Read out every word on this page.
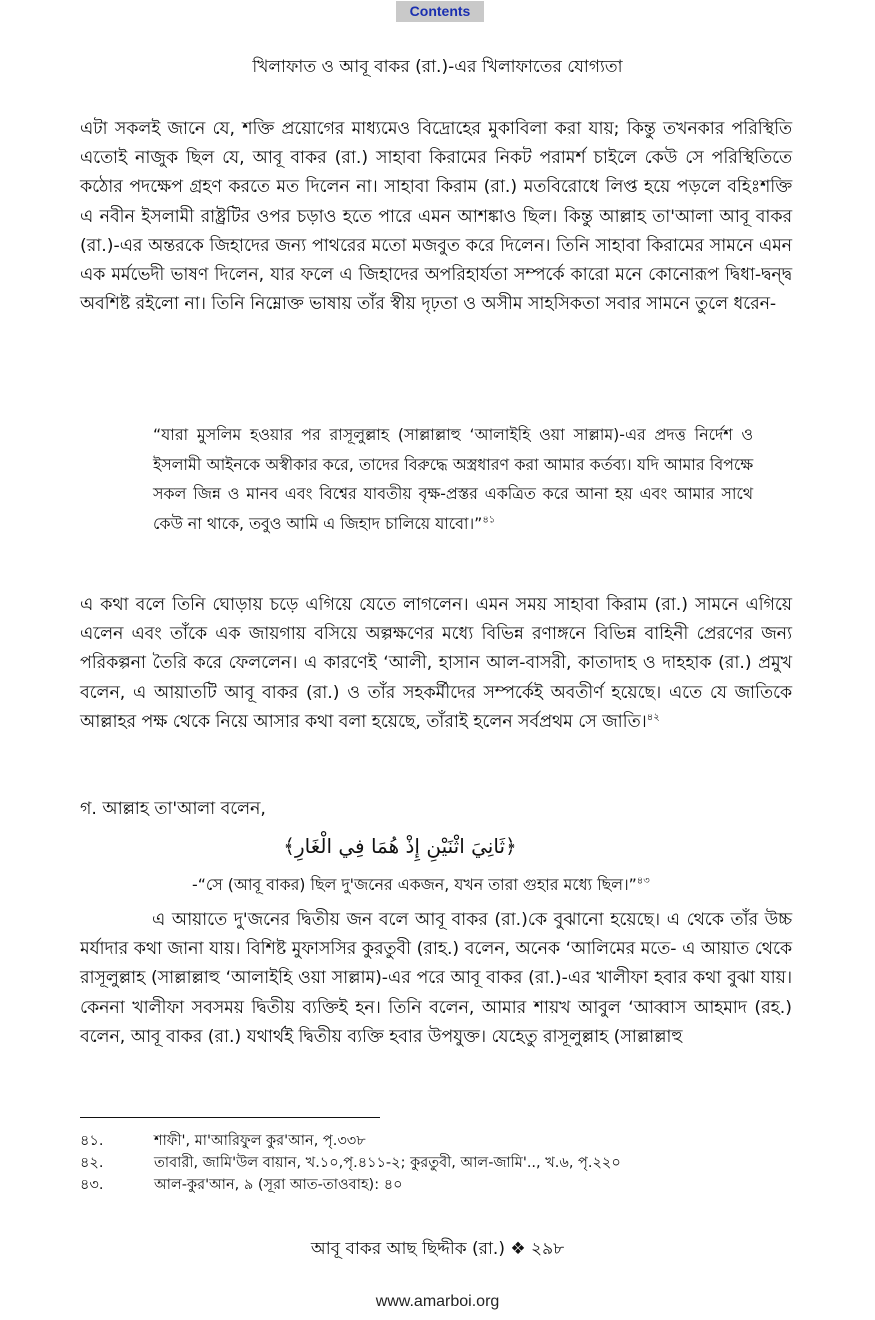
Contents
খিলাফাত ও আবূ বাকর (রা.)-এর খিলাফাতের যোগ্যতা

এটা সকলই জানে যে, শক্তি প্রয়োগের মাধ্যমেও বিদ্রোহের মুকাবিলা করা যায়; কিন্তু তখনকার পরিস্থিতি এতোই নাজুক ছিল যে, আবূ বাকর (রা.) সাহাবা কিরামের নিকট পরামর্শ চাইলে কেউ সে পরিস্থিতিতে কঠোর পদক্ষেপ গ্রহণ করতে মত দিলেন না। সাহাবা কিরাম (রা.) মতবিরোধে লিপ্ত হয়ে পড়লে বহিঃশক্তি এ নবীন ইসলামী রাষ্ট্রটির ওপর চড়াও হতে পারে এমন আশঙ্কাও ছিল। কিন্তু আল্লাহ তা'আলা আবূ বাকর (রা.)-এর অন্তরকে জিহাদের জন্য পাথরের মতো মজবুত করে দিলেন। তিনি সাহাবা কিরামের সামনে এমন এক মর্মভেদী ভাষণ দিলেন, যার ফলে এ জিহাদের অপরিহার্যতা সম্পর্কে কারো মনে কোনোরূপ দ্বিধা-দ্বন্দ্ব অবশিষ্ট রইলো না। তিনি নিম্নোক্ত ভাষায় তাঁর স্বীয় দৃঢ়তা ও অসীম সাহসিকতা সবার সামনে তুলে ধরেন-

“যারা মুসলিম হওয়ার পর রাসূলুল্লাহ (সাল্লাল্লাহু ‘আলাইহি ওয়া সাল্লাম)-এর প্রদত্ত নির্দেশ ও ইসলামী আইনকে অস্বীকার করে, তাদের বিরুদ্ধে অস্ত্রধারণ করা আমার কর্তব্য। যদি আমার বিপক্ষে সকল জিন্ন ও মানব এবং বিশ্বের যাবতীয় বৃক্ষ-প্রস্তর একত্রিত করে আনা হয় এবং আমার সাথে কেউ না থাকে, তবুও আমি এ জিহাদ চালিয়ে যাবো।”$^{৪১}$

এ কথা বলে তিনি ঘোড়ায় চড়ে এগিয়ে যেতে লাগলেন। এমন সময় সাহাবা কিরাম (রা.) সামনে এগিয়ে এলেন এবং তাঁকে এক জায়গায় বসিয়ে অল্পক্ষণের মধ্যে বিভিন্ন রণাঙ্গনে বিভিন্ন বাহিনী প্রেরণের জন্য পরিকল্পনা তৈরি করে ফেললেন। এ কারণেই ‘আলী, হাসান আল-বাসরী, কাতাদাহ ও দাহহাক (রা.) প্রমুখ বলেন, এ আয়াতটি আবূ বাকর (রা.) ও তাঁর সহকর্মীদের সম্পর্কেই অবতীর্ণ হয়েছে। এতে যে জাতিকে আল্লাহর পক্ষ থেকে নিয়ে আসার কথা বলা হয়েছে, তাঁরাই হলেন সর্বপ্রথম সে জাতি।$^{৪২}$

গ. আল্লাহ তা'আলা বলেন,
﴿ثَانِيَ اثْنَيْنِ إِذْ هُمَا فِي الْغَارِ﴾
-“সে (আবূ বাকর) ছিল দু'জনের একজন, যখন তারা গুহার মধ্যে ছিল।”$^{৪৩}$

এ আয়াতে দু'জনের দ্বিতীয় জন বলে আবূ বাকর (রা.)কে বুঝানো হয়েছে। এ থেকে তাঁর উচ্চ মর্যাদার কথা জানা যায়। বিশিষ্ট মুফাসসির কুরতুবী (রাহ.) বলেন, অনেক ‘আলিমের মতে- এ আয়াত থেকে রাসূলুল্লাহ (সাল্লাল্লাহু ‘আলাইহি ওয়া সাল্লাম)-এর পরে আবূ বাকর (রা.)-এর খালীফা হবার কথা বুঝা যায়। কেননা খালীফা সবসময় দ্বিতীয় ব্যক্তিই হন। তিনি বলেন, আমার শায়খ আবুল ‘আব্বাস আহমাদ (রহ.) বলেন, আবূ বাকর (রা.) যথার্থই দ্বিতীয় ব্যক্তি হবার উপযুক্ত। যেহেতু রাসূলুল্লাহ (সাল্লাল্লাহু

৪১.	শাফী', মা'আরিফুল কুর'আন, পৃ.৩৩৮
৪২.	তাবারী, জামি'উল বায়ান, খ.১০,পৃ.৪১১-২; কুরতুবী, আল-জামি'.., খ.৬, পৃ.২২০
৪৩.	আল-কুর'আন, ৯ (সূরা আত-তাওবাহ): ৪০
আবূ বাকর আছ ছিদ্দীক (রা.) ❖ ২৯৮
www.amarboi.org
